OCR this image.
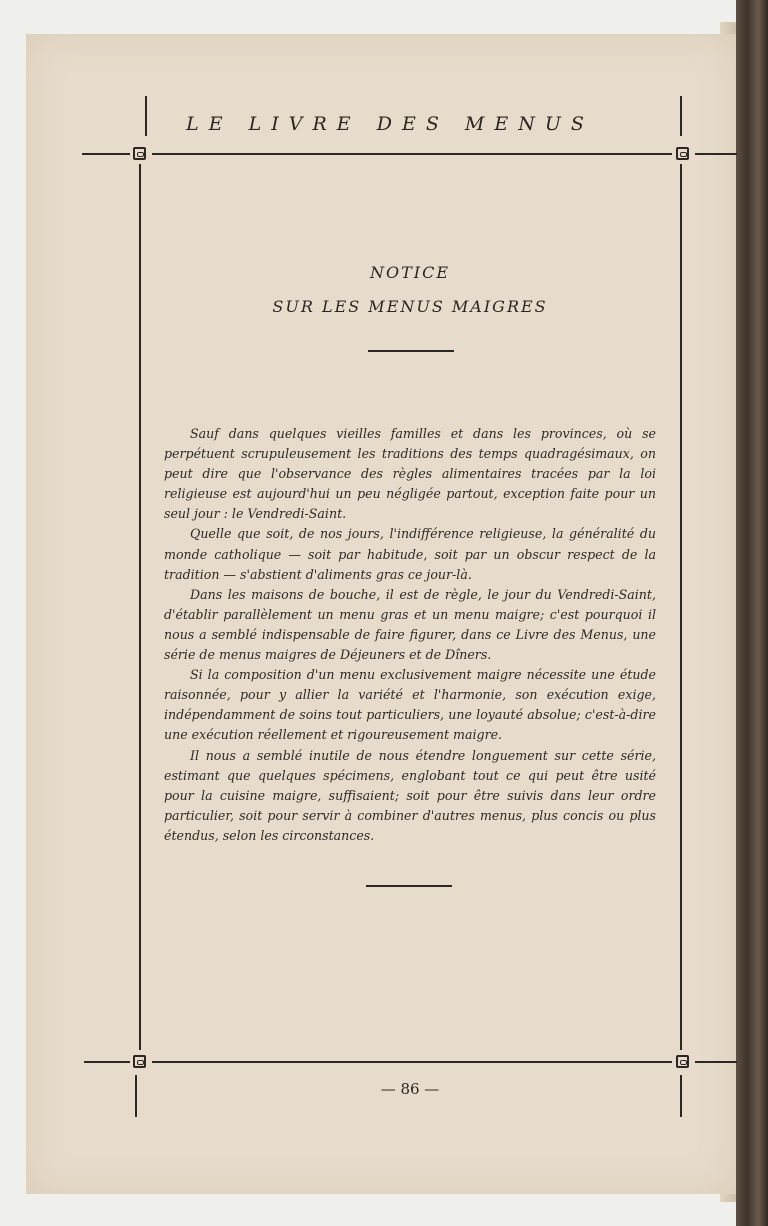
LE LIVRE DES MENUS
NOTICE
SUR LES MENUS MAIGRES

Sauf dans quelques vieilles familles et dans les provinces, où se perpétuent scrupuleusement les traditions des temps quadragésimaux, on peut dire que l'observance des règles alimentaires tracées par la loi religieuse est aujourd'hui un peu négligée partout, exception faite pour un seul jour : le Vendredi-Saint.

Quelle que soit, de nos jours, l'indifférence religieuse, la généralité du monde catholique — soit par habitude, soit par un obscur respect de la tradition — s'abstient d'aliments gras ce jour-là.

Dans les maisons de bouche, il est de règle, le jour du Vendredi-Saint, d'établir parallèlement un menu gras et un menu maigre; c'est pourquoi il nous a semblé indispensable de faire figurer, dans ce Livre des Menus, une série de menus maigres de Déjeuners et de Dîners.

Si la composition d'un menu exclusivement maigre nécessite une étude raisonnée, pour y allier la variété et l'harmonie, son exécution exige, indépendamment de soins tout particuliers, une loyauté absolue; c'est-à-dire une exécution réellement et rigoureusement maigre.

Il nous a semblé inutile de nous étendre longuement sur cette série, estimant que quelques spécimens, englobant tout ce qui peut être usité pour la cuisine maigre, suffisaient; soit pour être suivis dans leur ordre particulier, soit pour servir à combiner d'autres menus, plus concis ou plus étendus, selon les circonstances.

— 86 —
